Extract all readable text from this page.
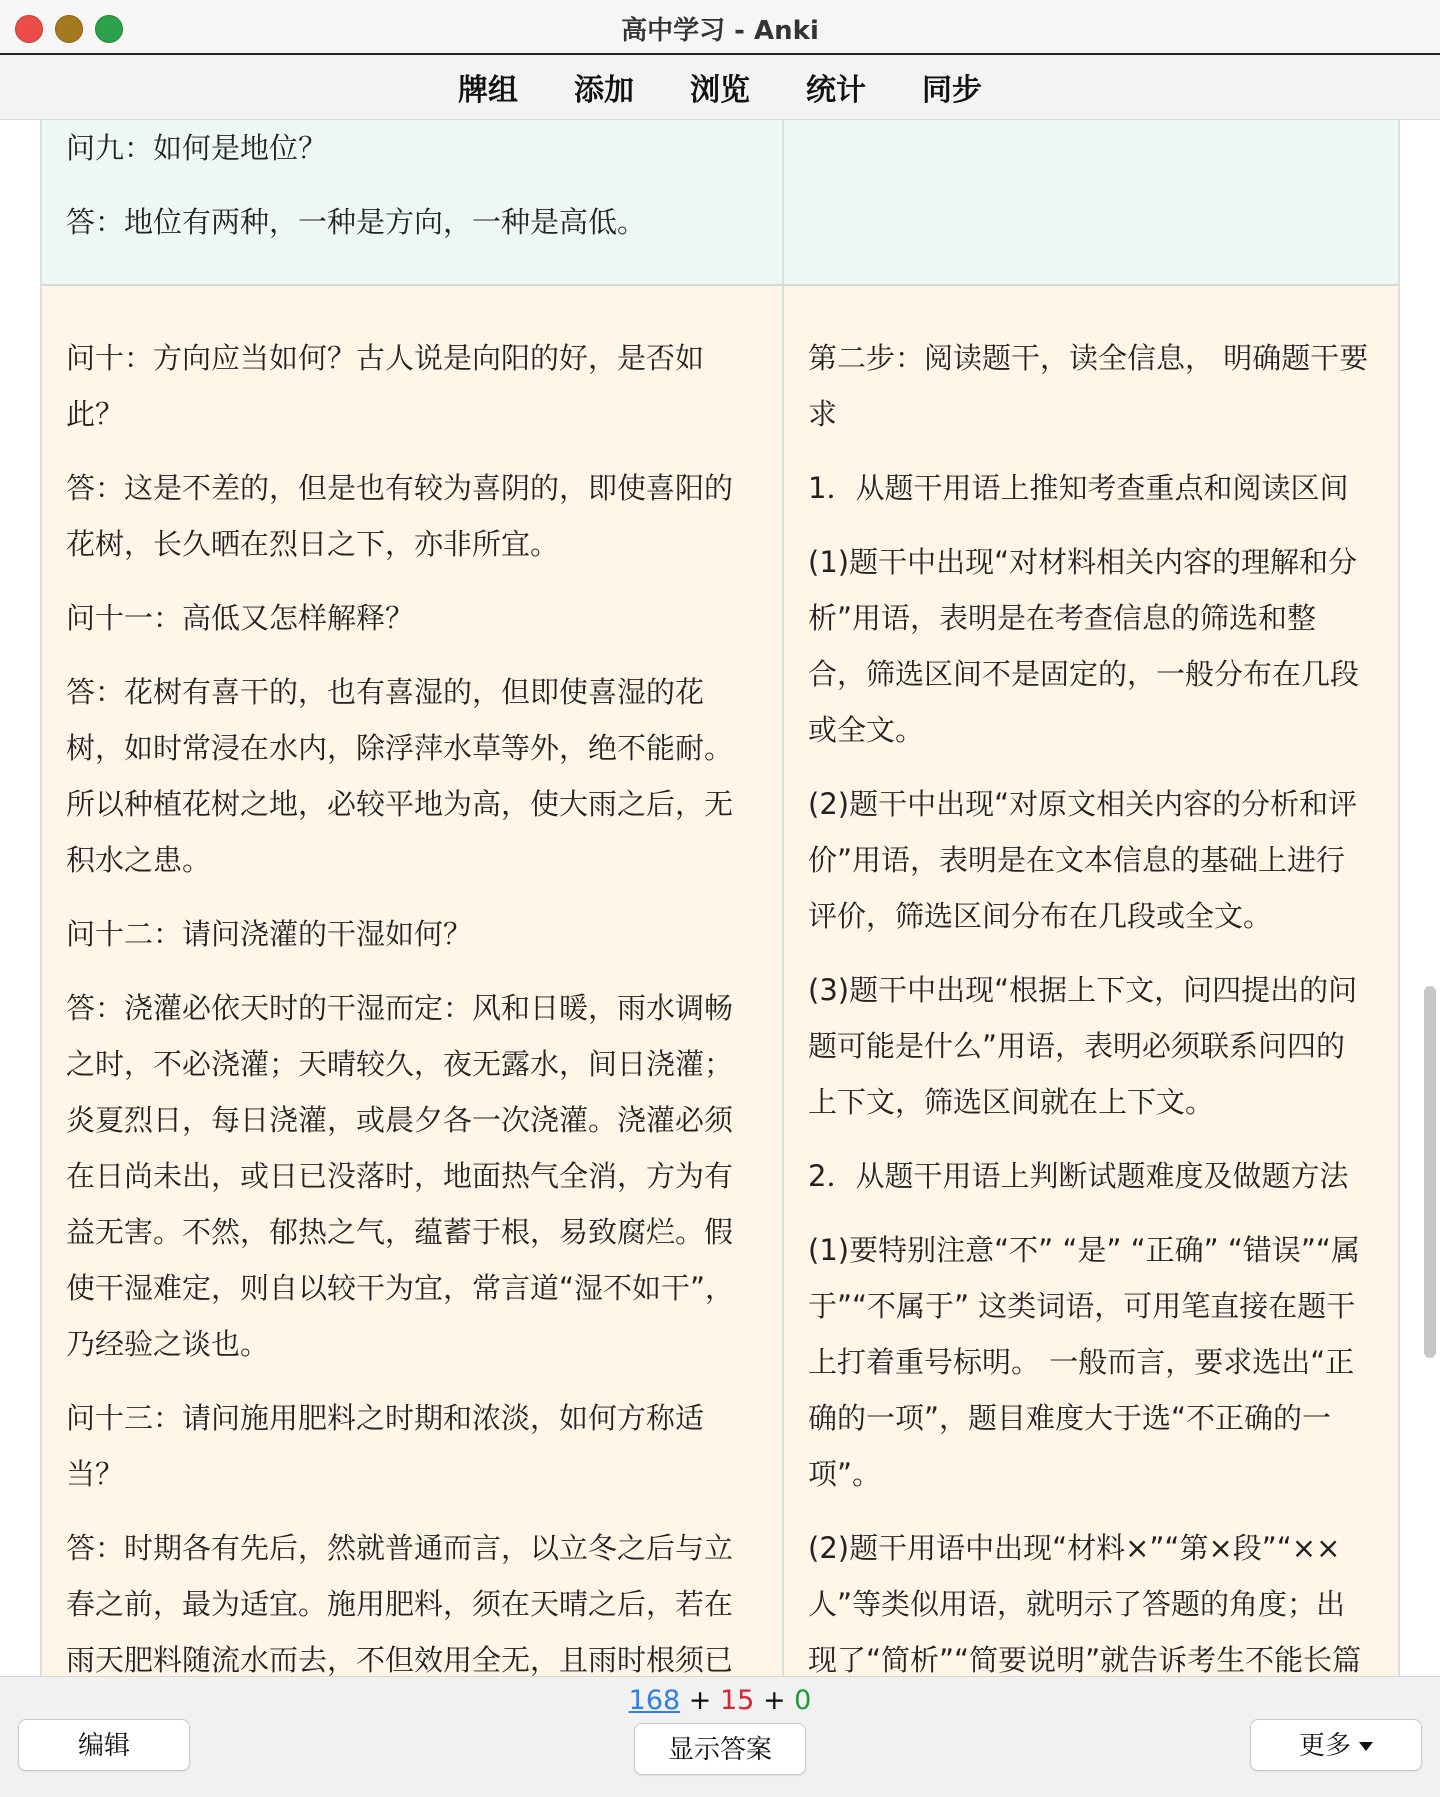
高中学习 - Anki
牌组	添加	浏览	统计	同步
问九：如何是地位？
答：地位有两种，一种是方向，一种是高低。
问十：方向应当如何？古人说是向阳的好，是否如此？
答：这是不差的，但是也有较为喜阴的，即使喜阳的花树，长久晒在烈日之下，亦非所宜。
问十一：高低又怎样解释？
答：花树有喜干的，也有喜湿的，但即使喜湿的花树，如时常浸在水内，除浮萍水草等外，绝不能耐。所以种植花树之地，必较平地为高，使大雨之后，无积水之患。
问十二：请问浇灌的干湿如何？
答：浇灌必依天时的干湿而定：风和日暖，雨水调畅之时，不必浇灌；天晴较久，夜无露水，间日浇灌；炎夏烈日，每日浇灌，或晨夕各一次浇灌。浇灌必须在日尚未出，或日已没落时，地面热气全消，方为有益无害。不然，郁热之气，蕴蓄于根，易致腐烂。假使干湿难定，则自以较干为宜，常言道“湿不如干”，乃经验之谈也。
问十三：请问施用肥料之时期和浓淡，如何方称适当？
答：时期各有先后，然就普通而言，以立冬之后与立春之前，最为适宜。施用肥料，须在天晴之后，若在雨天肥料随流水而去，不但效用全无，且雨时根须已
第二步：阅读题干，读全信息， 明确题干要求
1．从题干用语上推知考查重点和阅读区间
(1)题干中出现“对材料相关内容的理解和分析”用语，表明是在考查信息的筛选和整合，筛选区间不是固定的，一般分布在几段或全文。
(2)题干中出现“对原文相关内容的分析和评价”用语，表明是在文本信息的基础上进行评价，筛选区间分布在几段或全文。
(3)题干中出现“根据上下文，问四提出的问题可能是什么”用语，表明必须联系问四的上下文，筛选区间就在上下文。
2．从题干用语上判断试题难度及做题方法
(1)要特别注意“不” “是” “正确” “错误”“属于”“不属于” 这类词语，可用笔直接在题干上打着重号标明。 一般而言，要求选出“正确的一项”，题目难度大于选“不正确的一项”。
(2)题干用语中出现“材料×”“第×段”“××人”等类似用语，就明示了答题的角度；出现了“简析”“简要说明”就告诉考生不能长篇
168 + 15 + 0
编辑	显示答案	更多
